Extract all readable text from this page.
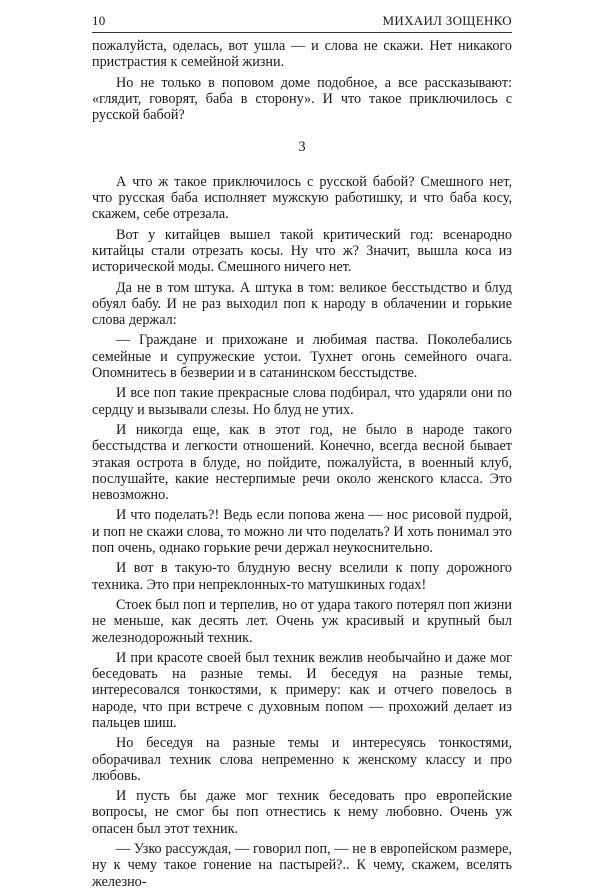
10	МИХАИЛ ЗОЩЕНКО

пожалуйста, оделась, вот ушла — и слова не скажи. Нет никакого пристрастия к семейной жизни.

Но не только в поповом доме подобное, а все рассказывают: «глядит, говорят, баба в сторону». И что такое приключилось с русской бабой?

3

А что ж такое приключилось с русской бабой? Смешного нет, что русская баба исполняет мужскую работишку, и что баба косу, скажем, себе отрезала.

Вот у китайцев вышел такой критический год: всенародно китайцы стали отрезать косы. Ну что ж? Значит, вышла коса из исторической моды. Смешного ничего нет.

Да не в том штука. А штука в том: великое бесстыдство и блуд обуял бабу. И не раз выходил поп к народу в облачении и горькие слова держал:

— Граждане и прихожане и любимая паства. Поколебались семейные и супружеские устои. Тухнет огонь семейного очага. Опомнитесь в безверии и в сатанинском бесстыдстве.

И все поп такие прекрасные слова подбирал, что ударяли они по сердцу и вызывали слезы. Но блуд не утих.

И никогда еще, как в этот год, не было в народе такого бесстыдства и легкости отношений. Конечно, всегда весной бывает этакая острота в блуде, но пойдите, пожалуйста, в военный клуб, послушайте, какие нестерпимые речи около женского класса. Это невозможно.

И что поделать?! Ведь если попова жена — нос рисовой пудрой, и поп не скажи слова, то можно ли что поделать? И хоть понимал это поп очень, однако горькие речи держал неукоснительно.

И вот в такую-то блудную весну вселили к попу дорожного техника. Это при непреклонных-то матушкиных годах!

Стоек был поп и терпелив, но от удара такого потерял поп жизни не меньше, как десять лет. Очень уж красивый и крупный был железнодорожный техник.

И при красоте своей был техник вежлив необычайно и даже мог беседовать на разные темы. И беседуя на разные темы, интересовался тонкостями, к примеру: как и отчего повелось в народе, что при встрече с духовным попом — прохожий делает из пальцев шиш.

Но беседуя на разные темы и интересуясь тонкостями, оборачивал техник слова непременно к женскому классу и про любовь.

И пусть бы даже мог техник беседовать про европейские вопросы, не смог бы поп отнестись к нему любовно. Очень уж опасен был этот техник.

— Узко рассуждая, — говорил поп, — не в европейском размере, ну к чему такое гонение на пастырей?.. К чему, скажем, вселять железно-
